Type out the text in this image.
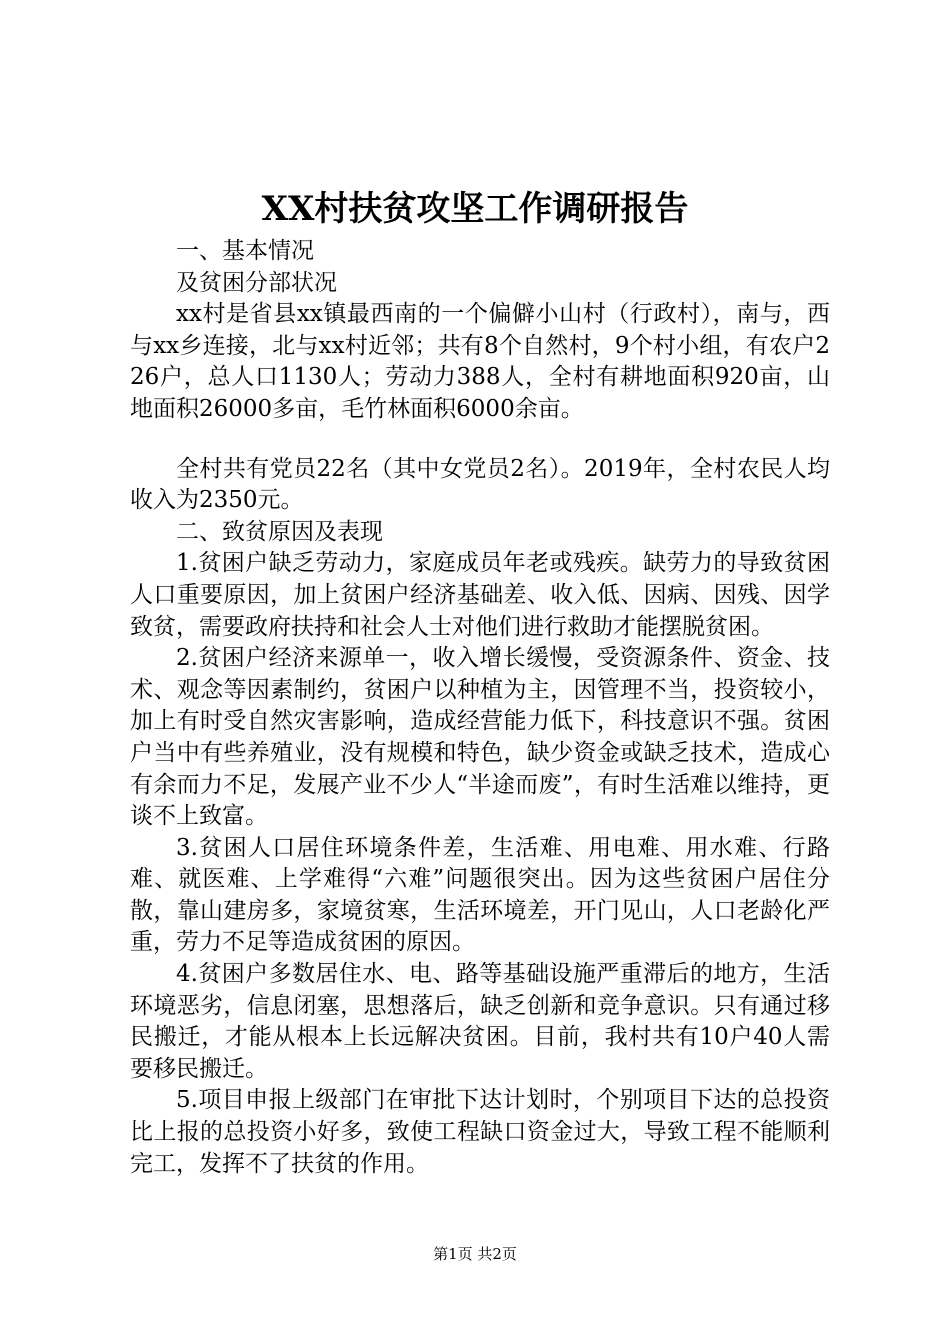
XX村扶贫攻坚工作调研报告

一、基本情况

及贫困分部状况

xx村是省县xx镇最西南的一个偏僻小山村（行政村），南与，西与xx乡连接，北与xx村近邻；共有8个自然村，9个村小组，有农户226户，总人口1130人；劳动力388人，全村有耕地面积920亩，山地面积26000多亩，毛竹林面积6000余亩。

全村共有党员22名（其中女党员2名）。2019年，全村农民人均收入为2350元。

二、致贫原因及表现

1.贫困户缺乏劳动力，家庭成员年老或残疾。缺劳力的导致贫困人口重要原因，加上贫困户经济基础差、收入低、因病、因残、因学致贫，需要政府扶持和社会人士对他们进行救助才能摆脱贫困。

2.贫困户经济来源单一，收入增长缓慢，受资源条件、资金、技术、观念等因素制约，贫困户以种植为主，因管理不当，投资较小，加上有时受自然灾害影响，造成经营能力低下，科技意识不强。贫困户当中有些养殖业，没有规模和特色，缺少资金或缺乏技术，造成心有余而力不足，发展产业不少人“半途而废”，有时生活难以维持，更谈不上致富。

3.贫困人口居住环境条件差，生活难、用电难、用水难、行路难、就医难、上学难得“六难”问题很突出。因为这些贫困户居住分散，靠山建房多，家境贫寒，生活环境差，开门见山，人口老龄化严重，劳力不足等造成贫困的原因。

4.贫困户多数居住水、电、路等基础设施严重滞后的地方，生活环境恶劣，信息闭塞，思想落后，缺乏创新和竞争意识。只有通过移民搬迁，才能从根本上长远解决贫困。目前，我村共有10户40人需要移民搬迁。

5.项目申报上级部门在审批下达计划时，个别项目下达的总投资比上报的总投资小好多，致使工程缺口资金过大，导致工程不能顺利完工，发挥不了扶贫的作用。

第1页 共2页
